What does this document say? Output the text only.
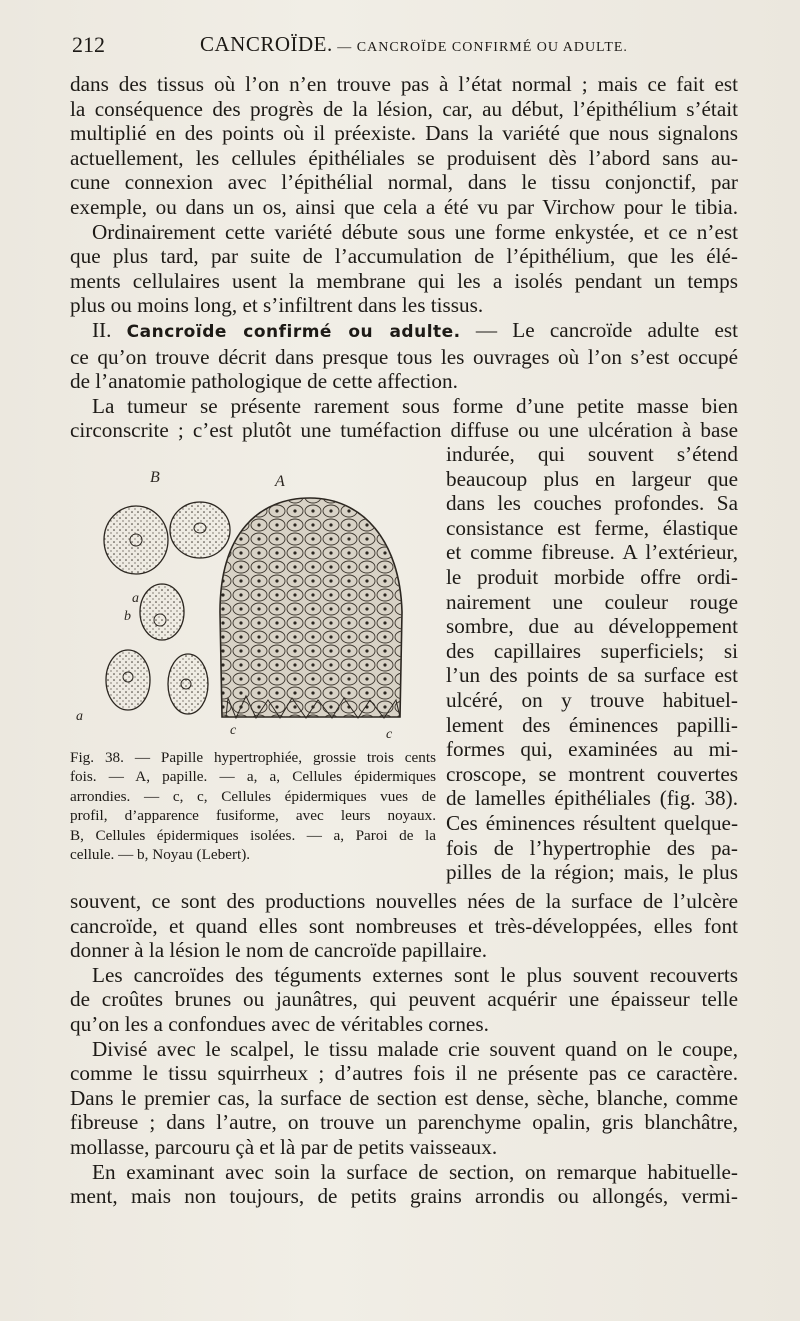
212	CANCROÏDE. — CANCROÏDE CONFIRMÉ OU ADULTE.

dans des tissus où l’on n’en trouve pas à l’état normal ; mais ce fait est

la conséquence des progrès de la lésion, car, au début, l’épithélium s’était

multiplié en des points où il préexiste. Dans la variété que nous signalons

actuellement, les cellules épithéliales se produisent dès l’abord sans au-

cune connexion avec l’épithélial normal, dans le tissu conjonctif, par

exemple, ou dans un os, ainsi que cela a été vu par Virchow pour le tibia.

Ordinairement cette variété débute sous une forme enkystée, et ce n’est

que plus tard, par suite de l’accumulation de l’épithélium, que les élé-

ments cellulaires usent la membrane qui les a isolés pendant un temps

plus ou moins long, et s’infiltrent dans les tissus.

II. Cancroïde confirmé ou adulte. — Le cancroïde adulte est

ce qu’on trouve décrit dans presque tous les ouvrages où l’on s’est occupé

de l’anatomie pathologique de cette affection.

La tumeur se présente rarement sous forme d’une petite masse bien

circonscrite ; c’est plutôt une tuméfaction diffuse ou une ulcération à base

B	A
a
b
a
c	c
Fig. 38. — Papille hypertrophiée, grossie trois cents
fois. — A, papille. — a, a, Cellules épidermiques
arrondies. — c, c, Cellules épidermiques vues de
profil, d’apparence fusiforme, avec leurs noyaux.
B, Cellules épidermiques isolées. — a, Paroi de la
cellule. — b, Noyau (Lebert).

indurée, qui souvent s’étend

beaucoup plus en largeur que

dans les couches profondes. Sa

consistance est ferme, élastique

et comme fibreuse. A l’extérieur,

le produit morbide offre ordi-

nairement une couleur rouge

sombre, due au développement

des capillaires superficiels; si

l’un des points de sa surface est

ulcéré, on y trouve habituel-

lement des éminences papilli-

formes qui, examinées au mi-

croscope, se montrent couvertes

de lamelles épithéliales (fig. 38).

Ces éminences résultent quelque-

fois de l’hypertrophie des pa-

pilles de la région; mais, le plus

souvent, ce sont des productions nouvelles nées de la surface de l’ulcère

cancroïde, et quand elles sont nombreuses et très-développées, elles font

donner à la lésion le nom de cancroïde papillaire.

Les cancroïdes des téguments externes sont le plus souvent recouverts

de croûtes brunes ou jaunâtres, qui peuvent acquérir une épaisseur telle

qu’on les a confondues avec de véritables cornes.

Divisé avec le scalpel, le tissu malade crie souvent quand on le coupe,

comme le tissu squirrheux ; d’autres fois il ne présente pas ce caractère.

Dans le premier cas, la surface de section est dense, sèche, blanche, comme

fibreuse ; dans l’autre, on trouve un parenchyme opalin, gris blanchâtre,

mollasse, parcouru çà et là par de petits vaisseaux.

En examinant avec soin la surface de section, on remarque habituelle-

ment, mais non toujours, de petits grains arrondis ou allongés, vermi-
